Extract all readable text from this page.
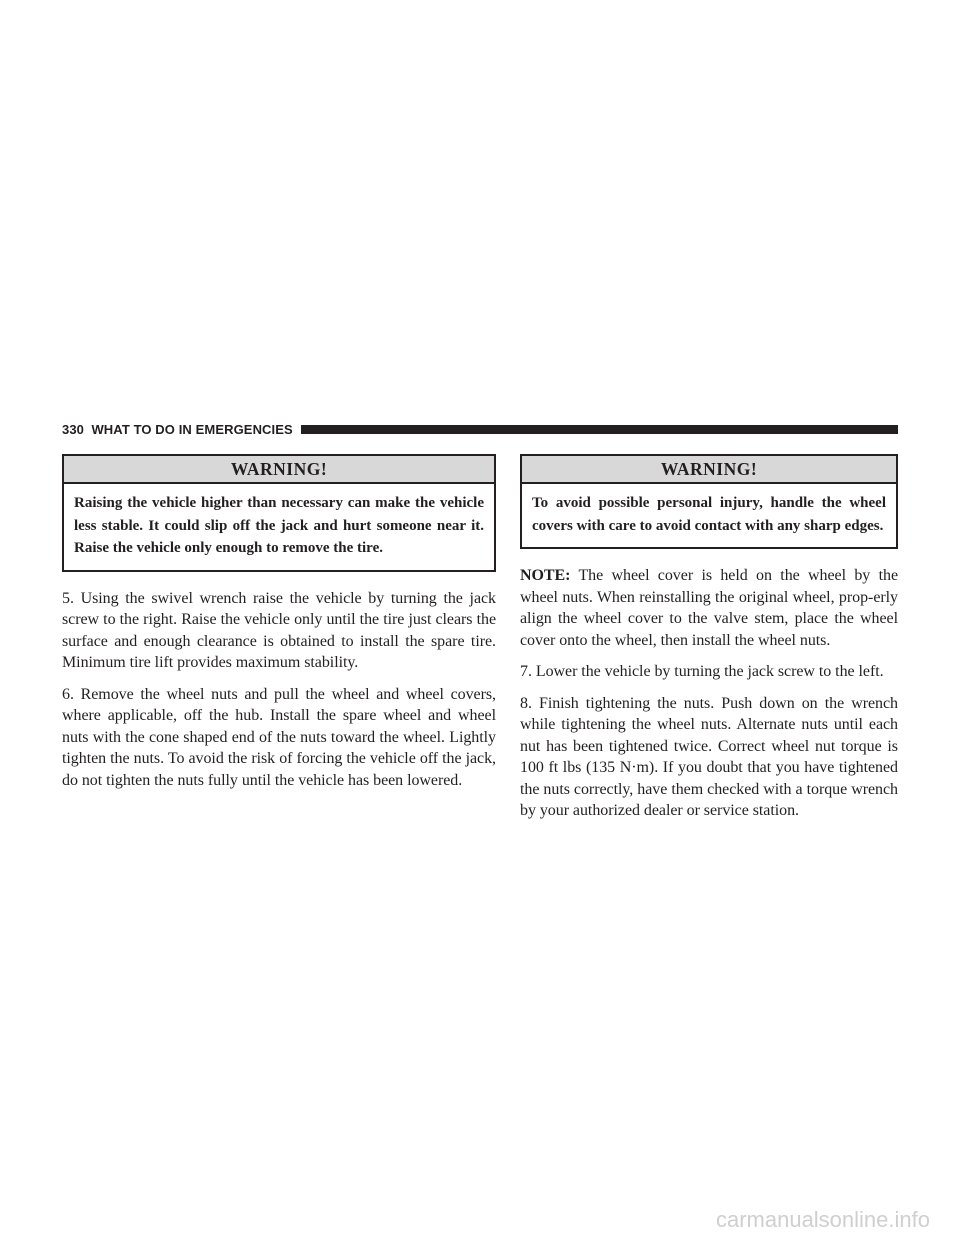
330 WHAT TO DO IN EMERGENCIES
WARNING!
Raising the vehicle higher than necessary can make the vehicle less stable. It could slip off the jack and hurt someone near it. Raise the vehicle only enough to remove the tire.

5. Using the swivel wrench raise the vehicle by turning the jack screw to the right. Raise the vehicle only until the tire just clears the surface and enough clearance is obtained to install the spare tire. Minimum tire lift provides maximum stability.

6. Remove the wheel nuts and pull the wheel and wheel covers, where applicable, off the hub. Install the spare wheel and wheel nuts with the cone shaped end of the nuts toward the wheel. Lightly tighten the nuts. To avoid the risk of forcing the vehicle off the jack, do not tighten the nuts fully until the vehicle has been lowered.

WARNING!
To avoid possible personal injury, handle the wheel covers with care to avoid contact with any sharp edges.

NOTE: The wheel cover is held on the wheel by the wheel nuts. When reinstalling the original wheel, prop-erly align the wheel cover to the valve stem, place the wheel cover onto the wheel, then install the wheel nuts.

7. Lower the vehicle by turning the jack screw to the left.

8. Finish tightening the nuts. Push down on the wrench while tightening the wheel nuts. Alternate nuts until each nut has been tightened twice. Correct wheel nut torque is 100 ft lbs (135 N·m). If you doubt that you have tightened the nuts correctly, have them checked with a torque wrench by your authorized dealer or service station.

carmanualsonline.info
